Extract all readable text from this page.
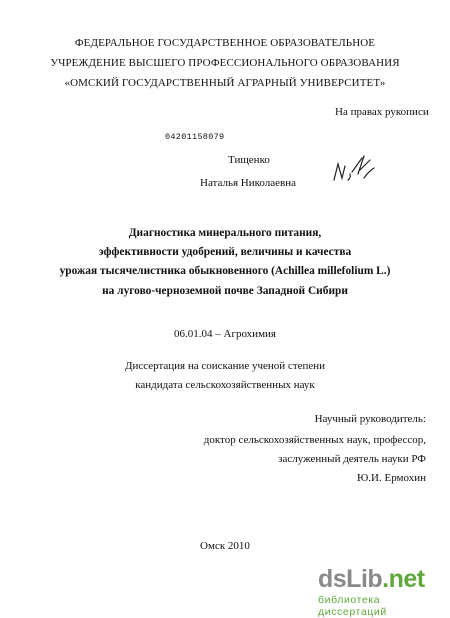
ФЕДЕРАЛЬНОЕ ГОСУДАРСТВЕННОЕ ОБРАЗОВАТЕЛЬНОЕ
УЧРЕЖДЕНИЕ ВЫСШЕГО ПРОФЕССИОНАЛЬНОГО ОБРАЗОВАНИЯ
«ОМСКИЙ ГОСУДАРСТВЕННЫЙ АГРАРНЫЙ УНИВЕРСИТЕТ»
На правах рукописи
04201158079
Тищенко
Наталья Николаевна
Диагностика минерального питания,
эффективности удобрений, величины и качества
урожая тысячелистника обыкновенного (Achillea millefolium L.)
на лугово-черноземной почве Западной Сибири
06.01.04 – Агрохимия
Диссертация на соискание ученой степени
кандидата сельскохозяйственных наук
Научный руководитель:
доктор сельскохозяйственных наук, профессор,
заслуженный деятель науки РФ
Ю.И. Ермохин
Омск 2010
dsLib.net
библиотека диссертаций
